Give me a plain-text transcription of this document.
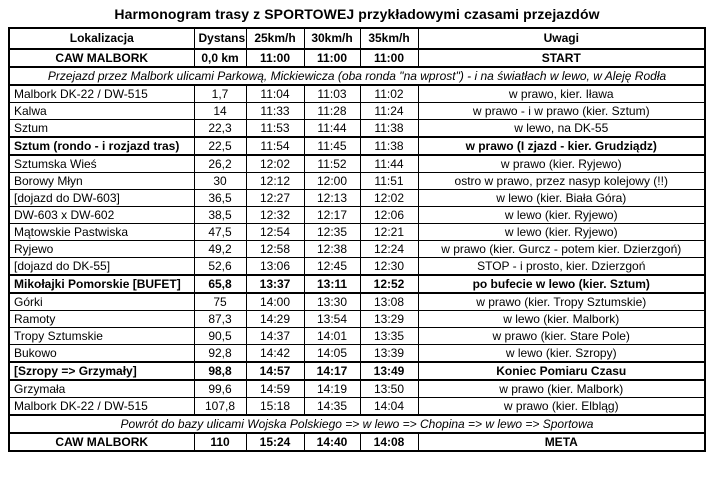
Harmonogram trasy z SPORTOWEJ przykładowymi czasami przejazdów
Lokalizacja	Dystans	25km/h	30km/h	35km/h	Uwagi
CAW MALBORK	0,0 km	11:00	11:00	11:00	START
Przejazd przez Malbork ulicami Parkową, Mickiewicza (oba ronda "na wprost") - i na światłach w lewo, w Aleję Rodła					
Malbork DK-22 / DW-515	1,7	11:04	11:03	11:02	w prawo, kier. Iława
Kalwa	14	11:33	11:28	11:24	w prawo - i w prawo (kier. Sztum)
Sztum	22,3	11:53	11:44	11:38	w lewo, na DK-55
Sztum (rondo - i rozjazd tras)	22,5	11:54	11:45	11:38	w prawo (I zjazd - kier. Grudziądz)
Sztumska Wieś	26,2	12:02	11:52	11:44	w prawo (kier. Ryjewo)
Borowy Młyn	30	12:12	12:00	11:51	ostro w prawo, przez nasyp kolejowy (!!)
[dojazd do DW-603]	36,5	12:27	12:13	12:02	w lewo (kier. Biała Góra)
DW-603 x DW-602	38,5	12:32	12:17	12:06	w lewo (kier. Ryjewo)
Mątowskie Pastwiska	47,5	12:54	12:35	12:21	w lewo (kier. Ryjewo)
Ryjewo	49,2	12:58	12:38	12:24	w prawo (kier. Gurcz - potem kier. Dzierzgoń)
[dojazd do DK-55]	52,6	13:06	12:45	12:30	STOP - i prosto, kier. Dzierzgoń
Mikołajki Pomorskie [BUFET]	65,8	13:37	13:11	12:52	po bufecie w lewo (kier. Sztum)
Górki	75	14:00	13:30	13:08	w prawo (kier. Tropy Sztumskie)
Ramoty	87,3	14:29	13:54	13:29	w lewo (kier. Malbork)
Tropy Sztumskie	90,5	14:37	14:01	13:35	w prawo (kier. Stare Pole)
Bukowo	92,8	14:42	14:05	13:39	w lewo (kier. Szropy)
[Szropy => Grzymały]	98,8	14:57	14:17	13:49	Koniec Pomiaru Czasu
Grzymała	99,6	14:59	14:19	13:50	w prawo (kier. Malbork)
Malbork DK-22 / DW-515	107,8	15:18	14:35	14:04	w prawo (kier. Elbląg)
Powrót do bazy ulicami Wojska Polskiego => w lewo => Chopina => w lewo => Sportowa					
CAW MALBORK	110	15:24	14:40	14:08	META
